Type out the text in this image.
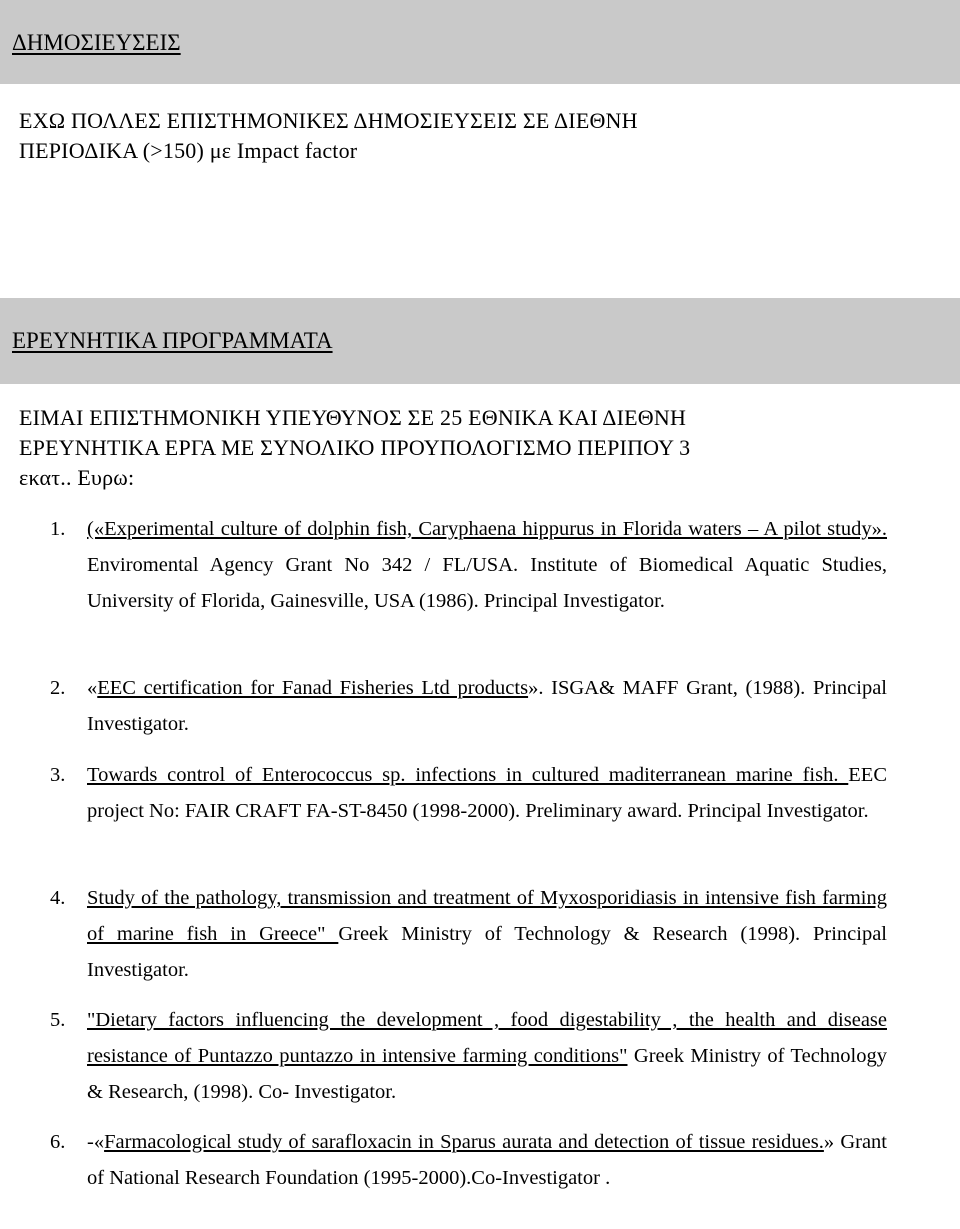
ΔΗΜΟΣΙΕΥΣΕΙΣ
ΕΧΩ ΠΟΛΛΕΣ ΕΠΙΣΤΗΜΟΝΙΚΕΣ ΔΗΜΟΣΙΕΥΣΕΙΣ ΣΕ ΔΙΕΘΝΗ
ΠΕΡΙΟΔΙΚΑ (>150) με Impact factor
ΕΡΕΥΝΗΤΙΚΑ ΠΡΟΓΡΑΜΜΑΤΑ
ΕΙΜΑΙ ΕΠΙΣΤΗΜΟΝΙΚΗ ΥΠΕΥΘΥΝΟΣ ΣΕ 25 ΕΘΝΙΚΑ ΚΑΙ ΔΙΕΘΝΗ
ΕΡΕΥΝΗΤΙΚΑ ΕΡΓΑ ΜΕ ΣΥΝΟΛΙΚΟ ΠΡΟΥΠΟΛΟΓΙΣΜΟ ΠΕΡΙΠΟΥ 3
εκατ.. Ευρω:
1.	(«Experimental culture of dolphin fish, Caryphaena hippurus in Florida waters – A pilot study». Enviromental Agency Grant No 342 / FL/USA. Institute of Biomedical Aquatic Studies, University of Florida, Gainesville, USA (1986). Principal Investigator.
2.	«EEC certification for Fanad Fisheries Ltd products». ISGA& MAFF Grant, (1988). Principal Investigator.
3.	Towards control of Enterococcus sp. infections in cultured maditerranean marine fish. EEC project No: FAIR CRAFT FA-ST-8450 (1998-2000). Preliminary award. Principal Investigator.
4.	Study of the pathology, transmission and treatment of Myxosporidiasis in intensive fish farming of marine fish in Greece" Greek Ministry of Technology & Research (1998). Principal Investigator.
5.	"Dietary factors influencing the development , food digestability , the health and disease resistance of Puntazzo puntazzo in intensive farming conditions" Greek Ministry of Technology & Research, (1998). Co- Investigator.
6.	-«Farmacological study of sarafloxacin in Sparus aurata and detection of tissue residues.» Grant of National Research Foundation (1995-2000).Co-Investigator .
